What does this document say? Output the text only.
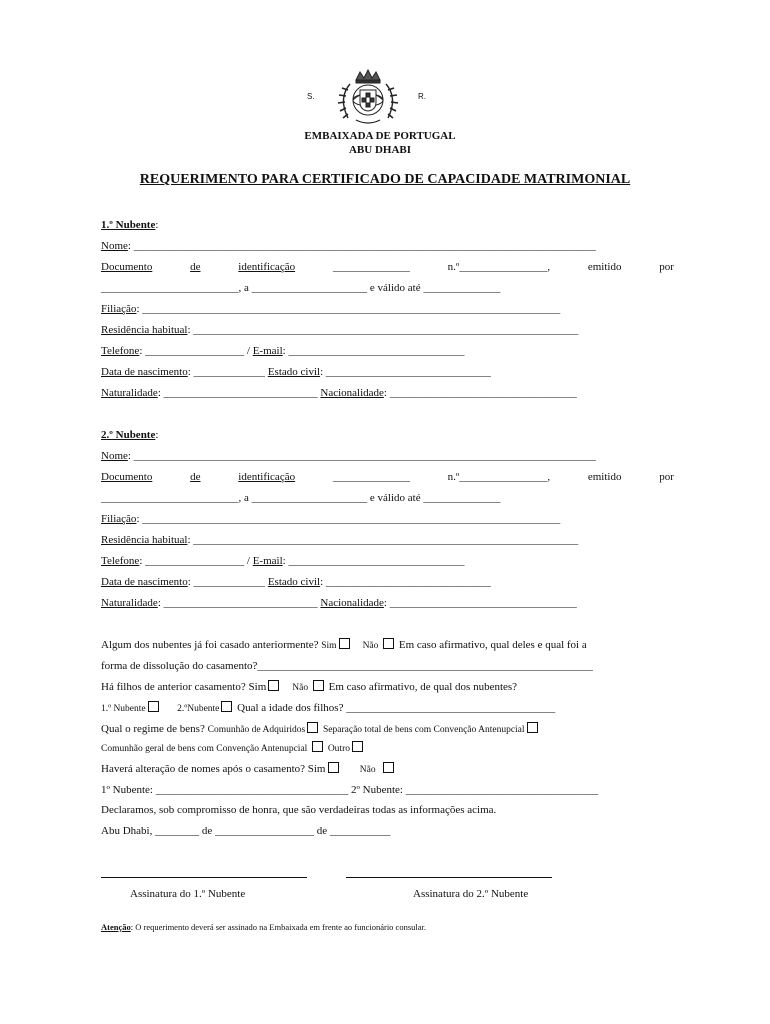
S.	R.
EMBAIXADA DE PORTUGAL
ABU DHABI
REQUERIMENTO PARA CERTIFICADO DE CAPACIDADE MATRIMONIAL
1.º Nubente:
Nome: ____________________________________________________________________________________
Documento	de	identificação	______________	n.º________________,	emitido	por
_________________________, a _____________________ e válido até ______________
Filiação: ____________________________________________________________________________
Residência habitual: ______________________________________________________________________
Telefone: __________________ / E-mail: ________________________________
Data de nascimento: _____________ Estado civil: ______________________________
Naturalidade: ____________________________ Nacionalidade: __________________________________
2.º Nubente:
Nome: ____________________________________________________________________________________
Documento	de	identificação	______________	n.º________________,	emitido	por
_________________________, a _____________________ e válido até ______________
Filiação: ____________________________________________________________________________
Residência habitual: ______________________________________________________________________
Telefone: __________________ / E-mail: ________________________________
Data de nascimento: _____________ Estado civil: ______________________________
Naturalidade: ____________________________ Nacionalidade: __________________________________
Algum dos nubentes já foi casado anteriormente? Sim	Não Em caso afirmativo, qual deles e qual foi a
forma de dissolução do casamento?_____________________________________________________________
Há filhos de anterior casamento? Sim	Não Em caso afirmativo, de qual dos nubentes?
1.º Nubente	2.ºNubente Qual a idade dos filhos? ______________________________________
Qual o regime de bens? Comunhão de Adquiridos Separação total de bens com Convenção Antenupcial
Comunhão geral de bens com Convenção Antenupcial Outro
Haverá alteração de nomes após o casamento? Sim	Não
1º Nubente: ___________________________________ 2º Nubente: ___________________________________
Declaramos, sob compromisso de honra, que são verdadeiras todas as informações acima.
Abu Dhabi, ________ de __________________ de ___________
Assinatura do 1.º Nubente	Assinatura do 2.º Nubente
Atenção: O requerimento deverá ser assinado na Embaixada em frente ao funcionário consular.
